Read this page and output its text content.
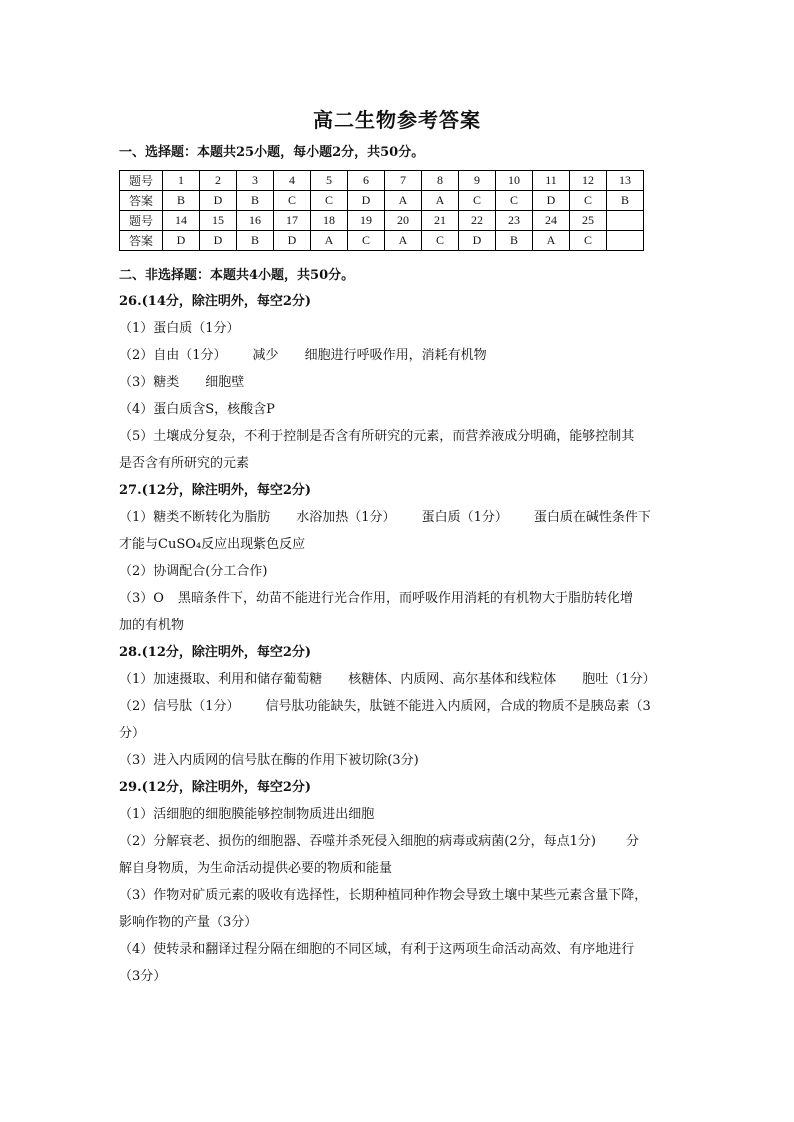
高二生物参考答案
一、选择题：本题共25小题，每小题2分，共50分。
题号	1	2	3	4	5	6	7	8	9	10	11	12	13
答案	B	D	B	C	C	D	A	A	C	C	D	C	B
题号	14	15	16	17	18	19	20	21	22	23	24	25	
答案	D	D	B	D	A	C	A	C	D	B	A	C	
二、非选择题：本题共4小题，共50分。
26.(14分，除注明外，每空2分)
（1）蛋白质（1分）
（2）自由（1分） 减少 细胞进行呼吸作用，消耗有机物
（3）糖类 细胞壁
（4）蛋白质含S，核酸含P
（5）土壤成分复杂，不利于控制是否含有所研究的元素，而营养液成分明确，能够控制其
是否含有所研究的元素
27.(12分，除注明外，每空2分)
（1）糖类不断转化为脂肪 水浴加热（1分） 蛋白质（1分） 蛋白质在碱性条件下
才能与CuSO₄反应出现紫色反应
（2）协调配合(分工合作)
（3）O 黑暗条件下，幼苗不能进行光合作用，而呼吸作用消耗的有机物大于脂肪转化增
加的有机物
28.(12分，除注明外，每空2分)
（1）加速摄取、利用和储存葡萄糖 核糖体、内质网、高尔基体和线粒体 胞吐（1分）
（2）信号肽（1分） 信号肽功能缺失，肽链不能进入内质网，合成的物质不是胰岛素（3
分）
（3）进入内质网的信号肽在酶的作用下被切除(3分)
29.(12分，除注明外，每空2分)
（1）活细胞的细胞膜能够控制物质进出细胞
（2）分解衰老、损伤的细胞器、吞噬并杀死侵入细胞的病毒或病菌(2分，每点1分) 分
解自身物质，为生命活动提供必要的物质和能量
（3）作物对矿质元素的吸收有选择性，长期种植同种作物会导致土壤中某些元素含量下降，
影响作物的产量（3分）
（4）使转录和翻译过程分隔在细胞的不同区域，有利于这两项生命活动高效、有序地进行
（3分）
